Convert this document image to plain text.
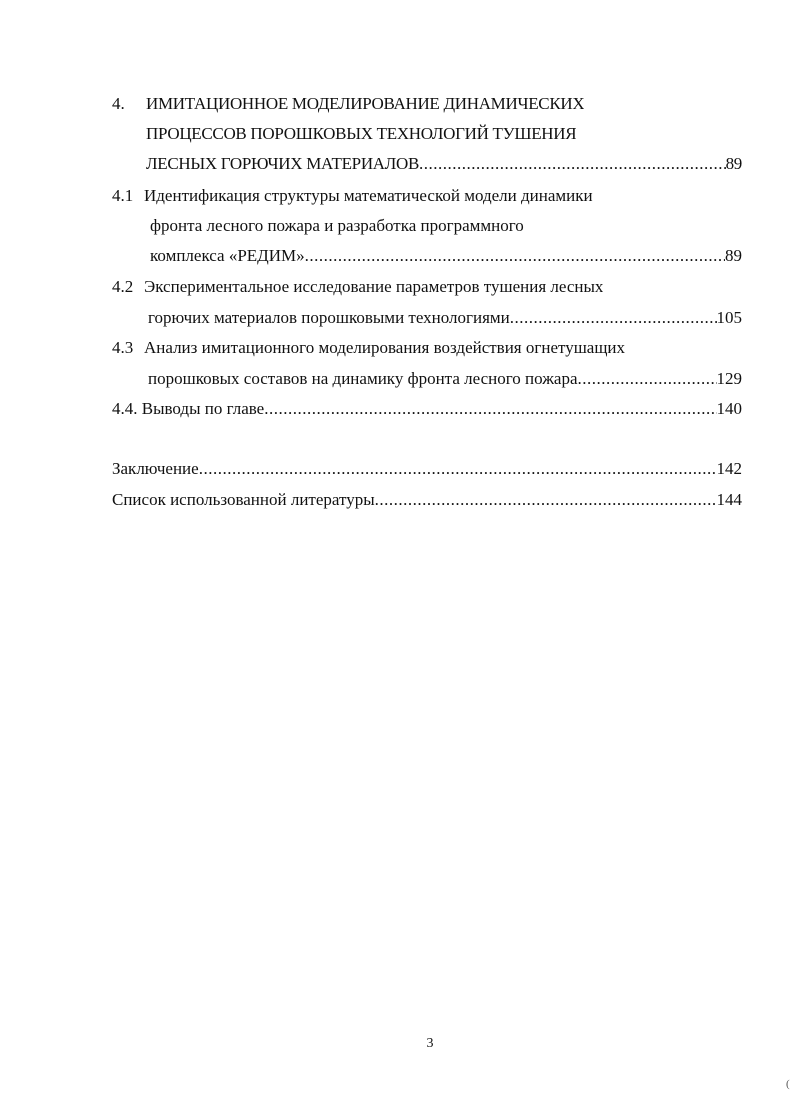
4. ИМИТАЦИОННОЕ МОДЕЛИРОВАНИЕ ДИНАМИЧЕСКИХ
ПРОЦЕССОВ ПОРОШКОВЫХ ТЕХНОЛОГИЙ ТУШЕНИЯ
ЛЕСНЫХ ГОРЮЧИХ МАТЕРИАЛОВ .....	89
4.1 Идентификация структуры математической модели динамики
фронта лесного пожара и разработка программного
комплекса «РЕДИМ» .....	89
4.2 Экспериментальное исследование параметров тушения лесных
горючих материалов порошковыми технологиями .....	105
4.3 Анализ имитационного моделирования воздействия огнетушащих
порошковых составов на динамику фронта лесного пожара .....	129
4.4. Выводы по главе .....	140
Заключение .....	142
Список использованной литературы .....	144
3
(
